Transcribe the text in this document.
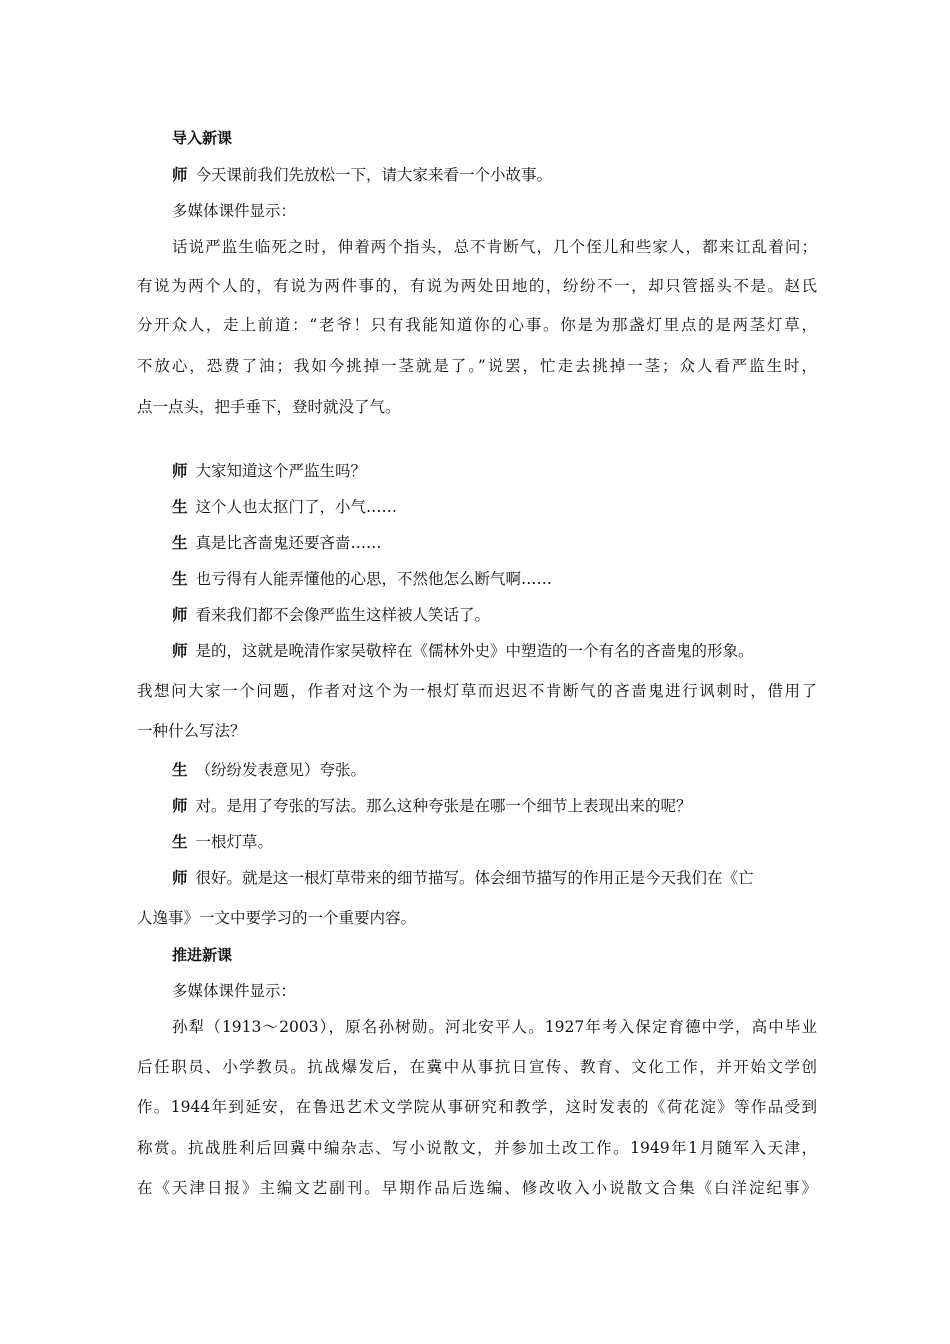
导入新课
师 今天课前我们先放松一下，请大家来看一个小故事。
多媒体课件显示：
话说严监生临死之时，伸着两个指头，总不肯断气，几个侄儿和些家人，都来讧乱着问；
有说为两个人的，有说为两件事的，有说为两处田地的，纷纷不一，却只管摇头不是。赵氏
分开众人，走上前道：“老爷！只有我能知道你的心事。你是为那盏灯里点的是两茎灯草，
不放心，恐费了油；我如今挑掉一茎就是了。”说罢，忙走去挑掉一茎；众人看严监生时，
点一点头，把手垂下，登时就没了气。
师 大家知道这个严监生吗？
生 这个人也太抠门了，小气……
生 真是比吝啬鬼还要吝啬……
生 也亏得有人能弄懂他的心思，不然他怎么断气啊……
师 看来我们都不会像严监生这样被人笑话了。
师 是的，这就是晚清作家吴敬梓在《儒林外史》中塑造的一个有名的吝啬鬼的形象。
我想问大家一个问题，作者对这个为一根灯草而迟迟不肯断气的吝啬鬼进行讽刺时，借用了
一种什么写法？
生 （纷纷发表意见）夸张。
师 对。是用了夸张的写法。那么这种夸张是在哪一个细节上表现出来的呢？
生 一根灯草。
师 很好。就是这一根灯草带来的细节描写。体会细节描写的作用正是今天我们在《亡
人逸事》一文中要学习的一个重要内容。
推进新课
多媒体课件显示：
孙犁（1913～2003），原名孙树勋。河北安平人。1927年考入保定育德中学，高中毕业
后任职员、小学教员。抗战爆发后，在冀中从事抗日宣传、教育、文化工作，并开始文学创
作。1944年到延安，在鲁迅艺术文学院从事研究和教学，这时发表的《荷花淀》等作品受到
称赏。抗战胜利后回冀中编杂志、写小说散文，并参加土改工作。1949年1月随军入天津，
在《天津日报》主编文艺副刊。早期作品后选编、修改收入小说散文合集《白洋淀纪事》
